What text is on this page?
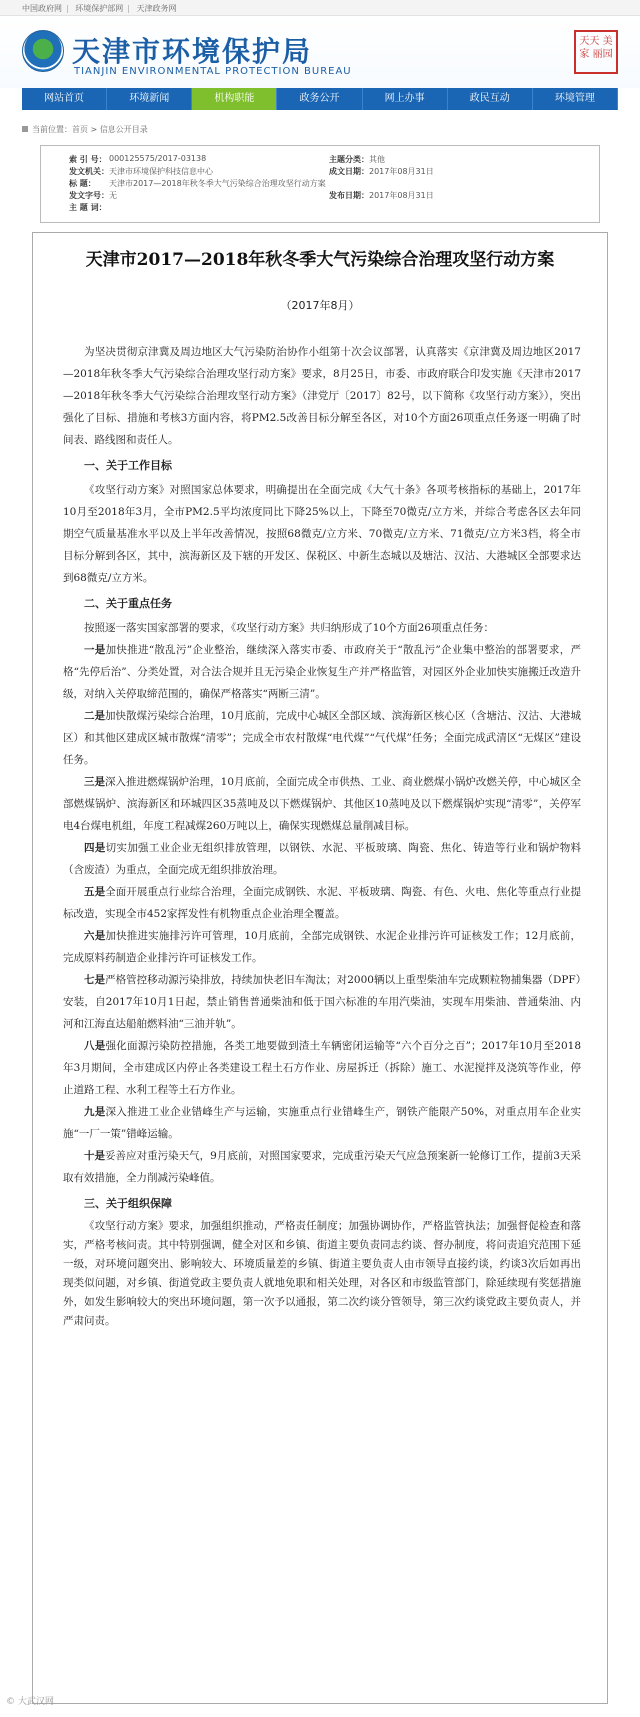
中国政府网 | 环境保护部网 | 天津政务网
天津市环境保护局
TIANJIN ENVIRONMENTAL PROTECTION BUREAU
天天 美家 丽园
网站首页	环境新闻	机构职能	政务公开	网上办事	政民互动	环境管理
当前位置：首页 > 信息公开目录
索 引 号： 000125575/2017-03138	主题分类： 其他
发文机关： 天津市环境保护科技信息中心	成文日期： 2017年08月31日
标 题：	天津市2017—2018年秋冬季大气污染综合治理攻坚行动方案
发文字号： 无	发布日期： 2017年08月31日
主 题 词：
天津市2017—2018年秋冬季大气污染综合治理攻坚行动方案
（2017年8月）

为坚决贯彻京津冀及周边地区大气污染防治协作小组第十次会议部署，认真落实《京津冀及周边地区2017—2018年秋冬季大气污染综合治理攻坚行动方案》要求，8月25日，市委、市政府联合印发实施《天津市2017—2018年秋冬季大气污染综合治理攻坚行动方案》（津党厅〔2017〕82号，以下简称《攻坚行动方案》），突出强化了目标、措施和考核3方面内容，将PM2.5改善目标分解至各区，对10个方面26项重点任务逐一明确了时间表、路线图和责任人。

一、关于工作目标

《攻坚行动方案》对照国家总体要求，明确提出在全面完成《大气十条》各项考核指标的基础上，2017年10月至2018年3月，全市PM2.5平均浓度同比下降25%以上，下降至70微克/立方米，并综合考虑各区去年同期空气质量基准水平以及上半年改善情况，按照68微克/立方米、70微克/立方米、71微克/立方米3档，将全市目标分解到各区，其中，滨海新区及下辖的开发区、保税区、中新生态城以及塘沽、汉沽、大港城区全部要求达到68微克/立方米。

二、关于重点任务

按照逐一落实国家部署的要求，《攻坚行动方案》共归纳形成了10个方面26项重点任务：

一是加快推进“散乱污”企业整治，继续深入落实市委、市政府关于“散乱污”企业集中整治的部署要求，严格“先停后治”、分类处置，对合法合规并且无污染企业恢复生产并严格监管，对园区外企业加快实施搬迁改造升级，对纳入关停取缔范围的，确保严格落实“两断三清”。

二是加快散煤污染综合治理，10月底前，完成中心城区全部区域、滨海新区核心区（含塘沽、汉沽、大港城区）和其他区建成区城市散煤“清零”；完成全市农村散煤“电代煤”“气代煤”任务；全面完成武清区“无煤区”建设任务。

三是深入推进燃煤锅炉治理，10月底前，全面完成全市供热、工业、商业燃煤小锅炉改燃关停，中心城区全部燃煤锅炉、滨海新区和环城四区35蒸吨及以下燃煤锅炉、其他区10蒸吨及以下燃煤锅炉实现“清零”，关停军电4台煤电机组，年度工程减煤260万吨以上，确保实现燃煤总量削减目标。

四是切实加强工业企业无组织排放管理，以钢铁、水泥、平板玻璃、陶瓷、焦化、铸造等行业和锅炉物料（含废渣）为重点，全面完成无组织排放治理。

五是全面开展重点行业综合治理，全面完成钢铁、水泥、平板玻璃、陶瓷、有色、火电、焦化等重点行业提标改造，实现全市452家挥发性有机物重点企业治理全覆盖。

六是加快推进实施排污许可管理，10月底前，全部完成钢铁、水泥企业排污许可证核发工作；12月底前，完成原料药制造企业排污许可证核发工作。

七是严格管控移动源污染排放，持续加快老旧车淘汰；对2000辆以上重型柴油车完成颗粒物捕集器（DPF）安装，自2017年10月1日起，禁止销售普通柴油和低于国六标准的车用汽柴油，实现车用柴油、普通柴油、内河和江海直达船舶燃料油“三油并轨”。

八是强化面源污染防控措施，各类工地要做到渣土车辆密闭运输等“六个百分之百”；2017年10月至2018年3月期间，全市建成区内停止各类建设工程土石方作业、房屋拆迁（拆除）施工、水泥搅拌及浇筑等作业，停止道路工程、水利工程等土石方作业。

九是深入推进工业企业错峰生产与运输，实施重点行业错峰生产，钢铁产能限产50%，对重点用车企业实施“一厂一策”错峰运输。

十是妥善应对重污染天气，9月底前，对照国家要求，完成重污染天气应急预案新一轮修订工作，提前3天采取有效措施，全力削减污染峰值。

三、关于组织保障

《攻坚行动方案》要求，加强组织推动，严格责任制度；加强协调协作，严格监管执法；加强督促检查和落实，严格考核问责。其中特别强调，健全对区和乡镇、街道主要负责同志约谈、督办制度，将问责追究范围下延一级，对环境问题突出、影响较大、环境质量差的乡镇、街道主要负责人由市领导直接约谈，约谈3次后如再出现类似问题，对乡镇、街道党政主要负责人就地免职和相关处理，对各区和市级监管部门，除延续现有奖惩措施外，如发生影响较大的突出环境问题，第一次予以通报，第二次约谈分管领导，第三次约谈党政主要负责人，并严肃问责。

© 大武汉网
